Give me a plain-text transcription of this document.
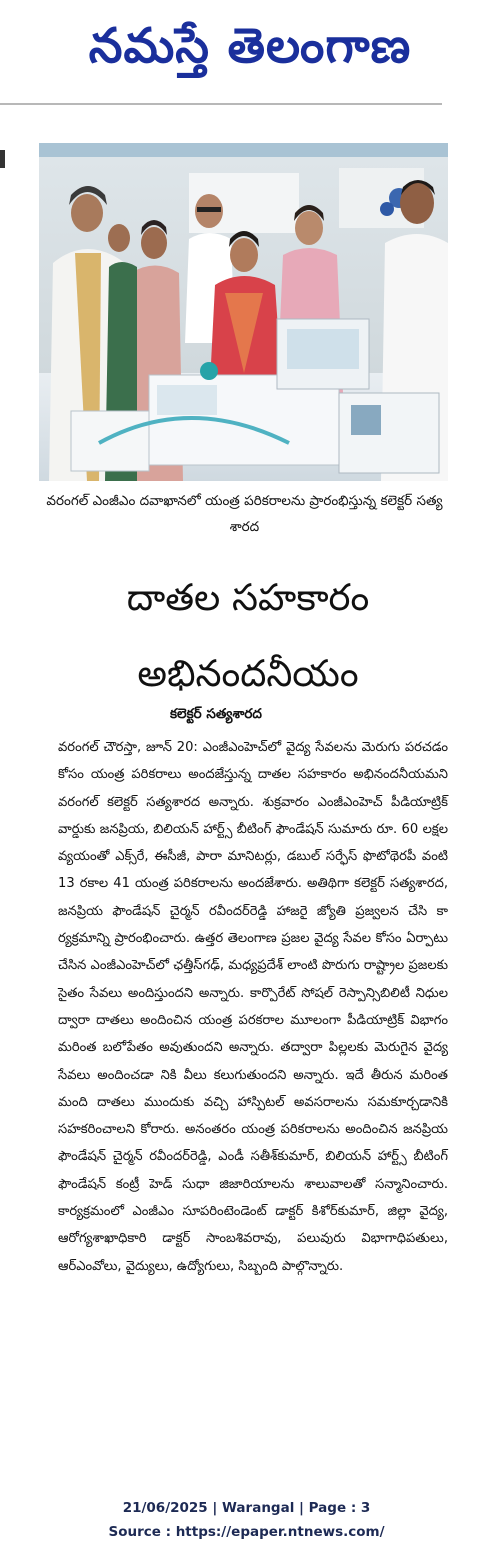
నమస్తే తెలంగాణ
వరంగల్ ఎంజీఎం దవాఖానలో యంత్ర పరికరాలను ప్రారంభిస్తున్న కలెక్టర్ సత్య శారద
దాతల సహకారం
అభినందనీయం
కలెక్టర్ సత్యశారద
వరంగల్ చౌరస్తా, జూన్ 20: ఎంజీఎంహెచ్‌లో వైద్య సేవలను మెరుగు పరచడం కోసం యంత్ర పరికరాలు అందజేస్తున్న దాతల సహకారం అభినందనీయమని వరంగల్ కలెక్టర్ సత్యశారద అన్నారు. శుక్రవారం ఎంజీఎంహెచ్ పీడియాట్రిక్ వార్డుకు జనప్రియ, బిలియన్ హార్ట్స్ బీటింగ్ ఫౌండేషన్ సుమారు రూ. 60 లక్షల వ్యయంతో ఎక్స్‌రే, ఈసీజీ, పారా మానిటర్లు, డబుల్ సర్ఫేస్ ఫొటోథెరపీ వంటి 13 రకాల 41 యంత్ర పరికరాలను అందజేశారు. అతిథిగా కలెక్టర్ సత్యశారద, జనప్రియ ఫౌండేషన్ చైర్మన్ రవీందర్‌రెడ్డి హాజరై జ్యోతి ప్రజ్వలన చేసి కా ర్యక్రమాన్ని ప్రారంభించారు. ఉత్తర తెలంగాణ ప్రజల వైద్య సేవల కోసం ఏర్పాటు చేసిన ఎంజీఎంహెచ్‌లో ఛత్తీస్‌గఢ్, మధ్యప్రదేశ్ లాంటి పొరుగు రాష్ట్రాల ప్రజలకు సైతం సేవలు అందిస్తుందని అన్నారు. కార్పొరేట్ సోషల్ రెస్పాన్సిబిలిటీ నిధుల ద్వారా దాతలు అందించిన యంత్ర పరకరాల మూలంగా పీడియాట్రిక్ విభాగం మరింత బలోపేతం అవుతుందని అన్నారు. తద్వారా పిల్లలకు మెరుగైన వైద్య సేవలు అందించడా నికి వీలు కలుగుతుందని అన్నారు. ఇదే తీరున మరింత మంది దాతలు ముందుకు వచ్చి హాస్పిటల్ అవసరాలను సమకూర్చడానికి సహకరించాలని కోరారు. అనంతరం యంత్ర పరికరాలను అందించిన జనప్రియ ఫౌండేషన్ చైర్మన్ రవీందర్‌రెడ్డి, ఎండీ సతీశ్‌కుమార్, బిలియన్ హార్ట్స్ బీటింగ్ ఫౌండేషన్ కంట్రీ హెడ్ సుధా జిజారియాలను శాలువాలతో సన్మానించారు. కార్యక్రమంలో ఎంజీఎం సూపరింటెండెంట్ డాక్టర్ కిశోర్‌కుమార్, జిల్లా వైద్య, ఆరోగ్యశాఖాధికారి డాక్టర్ సాంబశివరావు, పలువురు విభాగాధిపతులు, ఆర్‌ఎంవోలు, వైద్యులు, ఉద్యోగులు, సిబ్బంది పాల్గొన్నారు.
21/06/2025 | Warangal | Page : 3
Source : https://epaper.ntnews.com/
